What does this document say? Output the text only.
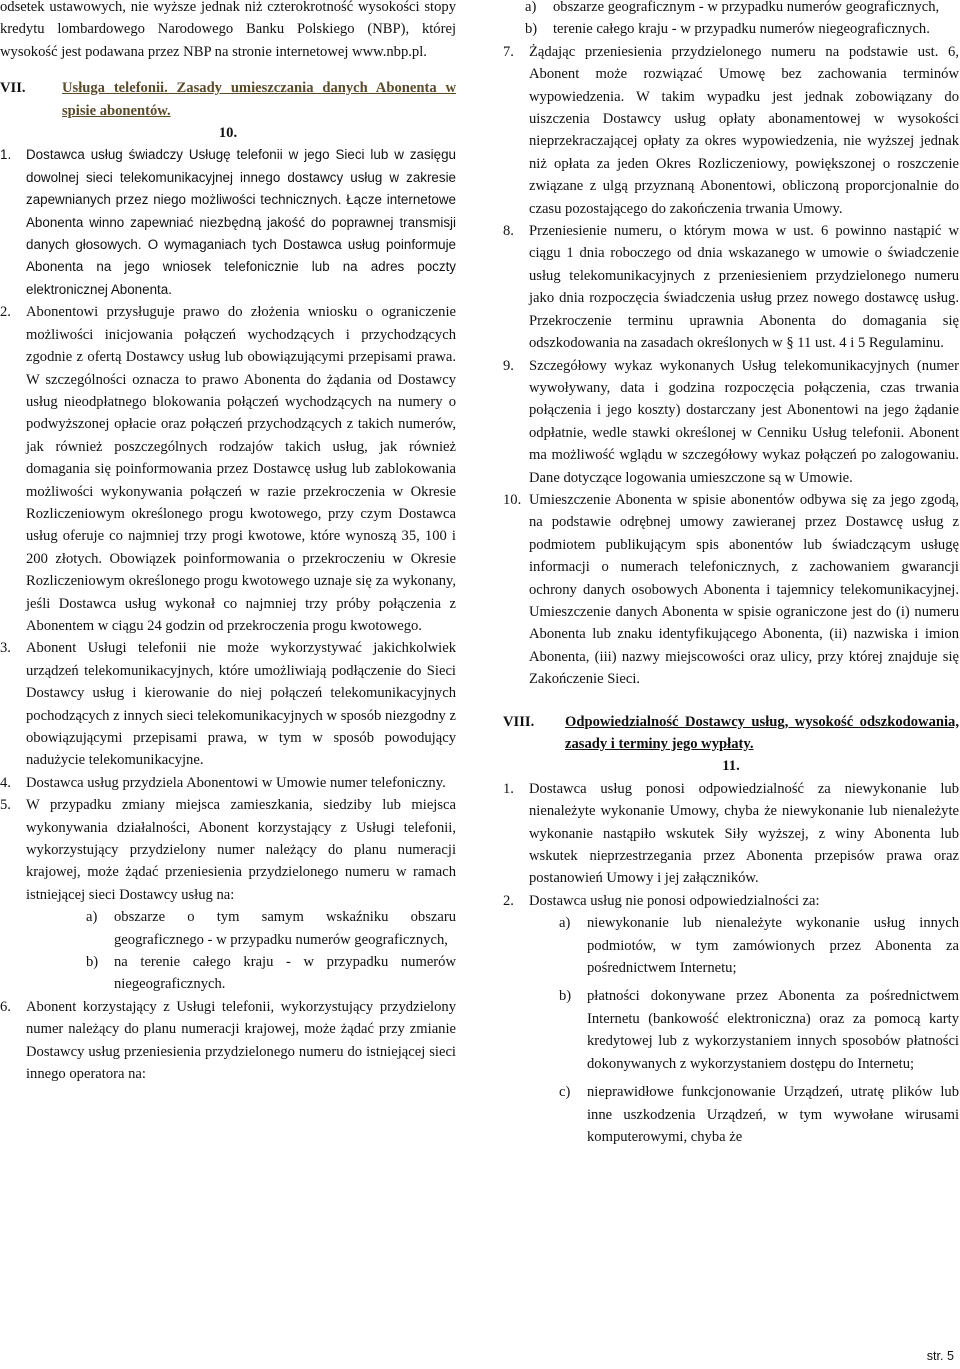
odsetek ustawowych, nie wyższe jednak niż czterokrotność wysokości stopy kredytu lombardowego Narodowego Banku Polskiego (NBP), której wysokość jest podawana przez NBP na stronie internetowej www.nbp.pl.

VII.	Usługa telefonii. Zasady umieszczania danych Abonenta w spisie abonentów.

10.

1.	Dostawca usług świadczy Usługę telefonii w jego Sieci lub w zasięgu dowolnej sieci telekomunikacyjnej innego dostawcy usług w zakresie zapewnianych przez niego możliwości technicznych. Łącze internetowe Abonenta winno zapewniać niezbędną jakość do poprawnej transmisji danych głosowych. O wymaganiach tych Dostawca usług poinformuje Abonenta na jego wniosek telefonicznie lub na adres poczty elektronicznej Abonenta.
2.	Abonentowi przysługuje prawo do złożenia wniosku o ograniczenie możliwości inicjowania połączeń wychodzących i przychodzących zgodnie z ofertą Dostawcy usług lub obowiązującymi przepisami prawa. W szczególności oznacza to prawo Abonenta do żądania od Dostawcy usług nieodpłatnego blokowania połączeń wychodzących na numery o podwyższonej opłacie oraz połączeń przychodzących z takich numerów, jak również poszczególnych rodzajów takich usług, jak również domagania się poinformowania przez Dostawcę usług lub zablokowania możliwości wykonywania połączeń w razie przekroczenia w Okresie Rozliczeniowym określonego progu kwotowego, przy czym Dostawca usług oferuje co najmniej trzy progi kwotowe, które wynoszą 35, 100 i 200 złotych. Obowiązek poinformowania o przekroczeniu w Okresie Rozliczeniowym określonego progu kwotowego uznaje się za wykonany, jeśli Dostawca usług wykonał co najmniej trzy próby połączenia z Abonentem w ciągu 24 godzin od przekroczenia progu kwotowego.
3.	Abonent Usługi telefonii nie może wykorzystywać jakichkolwiek urządzeń telekomunikacyjnych, które umożliwiają podłączenie do Sieci Dostawcy usług i kierowanie do niej połączeń telekomunikacyjnych pochodzących z innych sieci telekomunikacyjnych w sposób niezgodny z obowiązującymi przepisami prawa, w tym w sposób powodujący nadużycie telekomunikacyjne.
4.	Dostawca usług przydziela Abonentowi w Umowie numer telefoniczny.
5.	W przypadku zmiany miejsca zamieszkania, siedziby lub miejsca wykonywania działalności, Abonent korzystający z Usługi telefonii, wykorzystujący przydzielony numer należący do planu numeracji krajowej, może żądać przeniesienia przydzielonego numeru w ramach istniejącej sieci Dostawcy usług na:
a)	obszarze o tym samym wskaźniku obszaru geograficznego - w przypadku numerów geograficznych,
b)	na terenie całego kraju - w przypadku numerów niegeograficznych.
6.	Abonent korzystający z Usługi telefonii, wykorzystujący przydzielony numer należący do planu numeracji krajowej, może żądać przy zmianie Dostawcy usług przeniesienia przydzielonego numeru do istniejącej sieci innego operatora na:
a)	obszarze geograficznym - w przypadku numerów geograficznych,
b)	terenie całego kraju - w przypadku numerów niegeograficznych.
7.	Żądając przeniesienia przydzielonego numeru na podstawie ust. 6, Abonent może rozwiązać Umowę bez zachowania terminów wypowiedzenia. W takim wypadku jest jednak zobowiązany do uiszczenia Dostawcy usług opłaty abonamentowej w wysokości nieprzekraczającej opłaty za okres wypowiedzenia, nie wyższej jednak niż opłata za jeden Okres Rozliczeniowy, powiększonej o roszczenie związane z ulgą przyznaną Abonentowi, obliczoną proporcjonalnie do czasu pozostającego do zakończenia trwania Umowy.
8.	Przeniesienie numeru, o którym mowa w ust. 6 powinno nastąpić w ciągu 1 dnia roboczego od dnia wskazanego w umowie o świadczenie usług telekomunikacyjnych z przeniesieniem przydzielonego numeru jako dnia rozpoczęcia świadczenia usług przez nowego dostawcę usług. Przekroczenie terminu uprawnia Abonenta do domagania się odszkodowania na zasadach określonych w § 11 ust. 4 i 5 Regulaminu.
9.	Szczegółowy wykaz wykonanych Usług telekomunikacyjnych (numer wywoływany, data i godzina rozpoczęcia połączenia, czas trwania połączenia i jego koszty) dostarczany jest Abonentowi na jego żądanie odpłatnie, wedle stawki określonej w Cenniku Usług telefonii. Abonent ma możliwość wglądu w szczegółowy wykaz połączeń po zalogowaniu. Dane dotyczące logowania umieszczone są w Umowie.
10. Umieszczenie Abonenta w spisie abonentów odbywa się za jego zgodą, na podstawie odrębnej umowy zawieranej przez Dostawcę usług z podmiotem publikującym spis abonentów lub świadczącym usługę informacji o numerach telefonicznych, z zachowaniem gwarancji ochrony danych osobowych Abonenta i tajemnicy telekomunikacyjnej. Umieszczenie danych Abonenta w spisie ograniczone jest do (i) numeru Abonenta lub znaku identyfikującego Abonenta, (ii) nazwiska i imion Abonenta, (iii) nazwy miejscowości oraz ulicy, przy której znajduje się Zakończenie Sieci.
VIII.	Odpowiedzialność Dostawcy usług, wysokość odszkodowania, zasady i terminy jego wypłaty.

11.

1.	Dostawca usług ponosi odpowiedzialność za niewykonanie lub nienależyte wykonanie Umowy, chyba że niewykonanie lub nienależyte wykonanie nastąpiło wskutek Siły wyższej, z winy Abonenta lub wskutek nieprzestrzegania przez Abonenta przepisów prawa oraz postanowień Umowy i jej załączników.
2.	Dostawca usług nie ponosi odpowiedzialności za:
a)	niewykonanie lub nienależyte wykonanie usług innych podmiotów, w tym zamówionych przez Abonenta za pośrednictwem Internetu;
b)	płatności dokonywane przez Abonenta za pośrednictwem Internetu (bankowość elektroniczna) oraz za pomocą karty kredytowej lub z wykorzystaniem innych sposobów płatności dokonywanych z wykorzystaniem dostępu do Internetu;
c)	nieprawidłowe funkcjonowanie Urządzeń, utratę plików lub inne uszkodzenia Urządzeń, w tym wywołane wirusami komputerowymi, chyba że
str. 5
